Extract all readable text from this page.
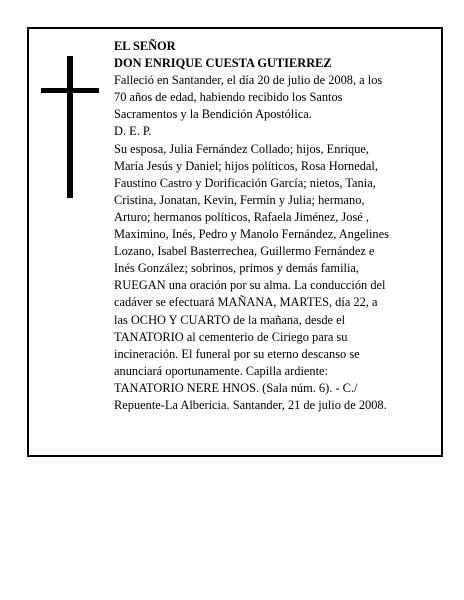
EL SEÑOR
DON ENRIQUE CUESTA GUTIERREZ
Falleció en Santander, el día 20 de julio de 2008, a los
70 años de edad, habiendo recibido los Santos
Sacramentos y la Bendición Apostólica.
D. E. P.
Su esposa, Julia Fernández Collado; hijos, Enrique,
María Jesús y Daniel; hijos políticos, Rosa Hornedal,
Faustino Castro y Dorificación García; nietos, Tania,
Cristina, Jonatan, Kevin, Fermín y Julia; hermano,
Arturo; hermanos políticos, Rafaela Jiménez, José ,
Maximino, Inés, Pedro y Manolo Fernández, Angelines
Lozano, Isabel Basterrechea, Guillermo Fernández e
Inés González; sobrinos, primos y demás familia,
RUEGAN una oración por su alma. La conducción del
cadáver se efectuará MAÑANA, MARTES, día 22, a
las OCHO Y CUARTO de la mañana, desde el
TANATORIO al cementerio de Ciriego para su
incineración. El funeral por su eterno descanso se
anunciará oportunamente. Capilla ardiente:
TANATORIO NERE HNOS. (Sala núm. 6). - C./
Repuente-La Albericia. Santander, 21 de julio de 2008.
